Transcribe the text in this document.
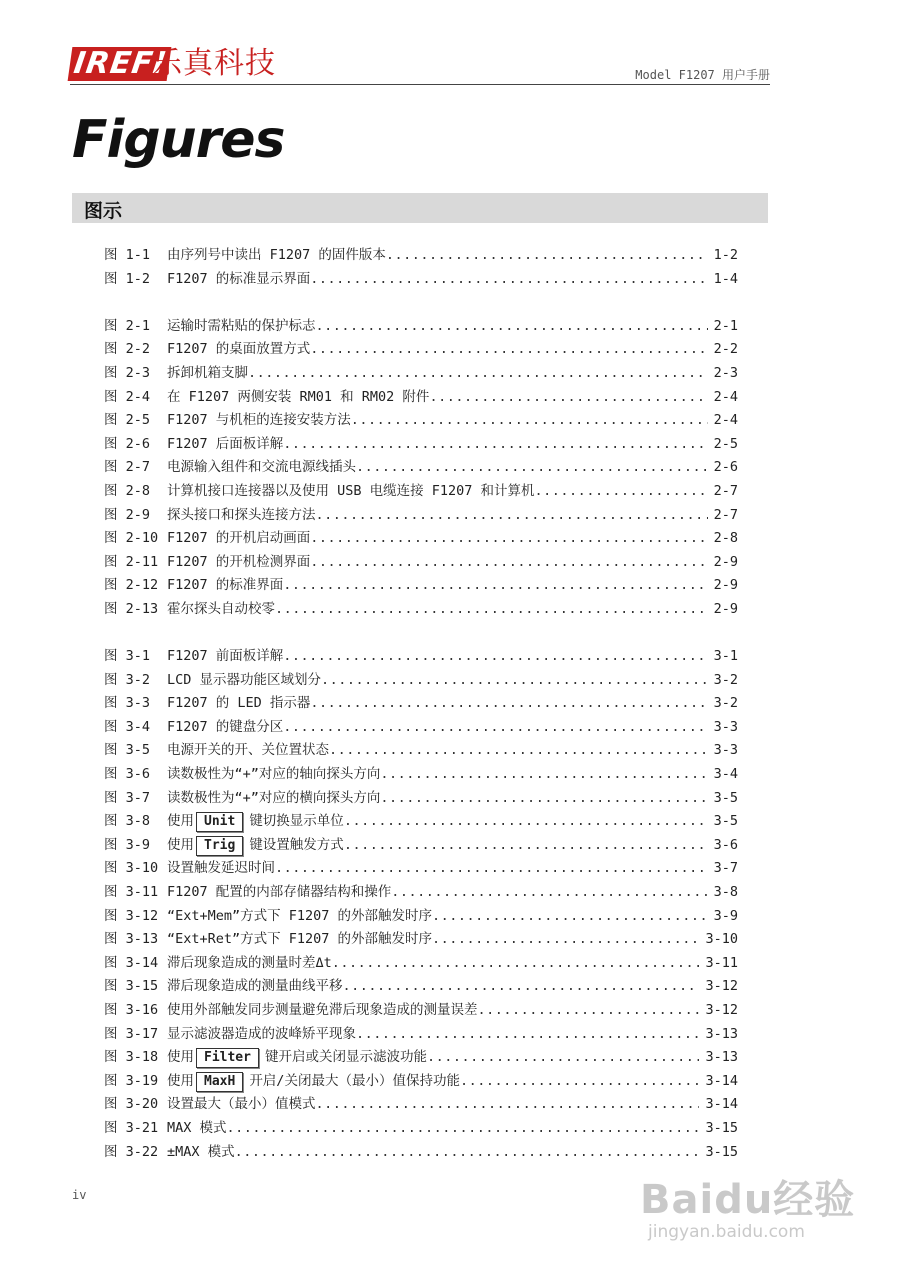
IREFI
乐真科技	Model F1207 用户手册
Figures
图示
图 1-1	由序列号中读出 F1207 的固件版本 .....	1-2
图 1-2	F1207 的标准显示界面 .....	1-4
图 2-1	运输时需粘贴的保护标志 .....	2-1
图 2-2	F1207 的桌面放置方式 .....	2-2
图 2-3	拆卸机箱支脚 .....	2-3
图 2-4	在 F1207 两侧安装 RM01 和 RM02 附件 .....	2-4
图 2-5	F1207 与机柜的连接安装方法 .....	2-4
图 2-6	F1207 后面板详解 .....	2-5
图 2-7	电源输入组件和交流电源线插头 .....	2-6
图 2-8	计算机接口连接器以及使用 USB 电缆连接 F1207 和计算机 .....	2-7
图 2-9	探头接口和探头连接方法 .....	2-7
图 2-10 F1207 的开机启动画面 .....	2-8
图 2-11 F1207 的开机检测界面 .....	2-9
图 2-12 F1207 的标准界面 .....	2-9
图 2-13 霍尔探头自动校零 .....	2-9
图 3-1	F1207 前面板详解 .....	3-1
图 3-2	LCD 显示器功能区域划分 .....	3-2
图 3-3	F1207 的 LED 指示器 .....	3-2
图 3-4	F1207 的键盘分区 .....	3-3
图 3-5	电源开关的开、关位置状态 .....	3-3
图 3-6	读数极性为“+”对应的轴向探头方向 .....	3-4
图 3-7	读数极性为“+”对应的横向探头方向 .....	3-5
图 3-8	使用 Unit 键切换显示单位 .....	3-5
图 3-9	使用 Trig 键设置触发方式 .....	3-6
图 3-10 设置触发延迟时间 .....	3-7
图 3-11 F1207 配置的内部存储器结构和操作 .....	3-8
图 3-12 “Ext+Mem”方式下 F1207 的外部触发时序 .....	3-9
图 3-13 “Ext+Ret”方式下 F1207 的外部触发时序 .....	3-10
图 3-14 滞后现象造成的测量时差Δt .....	3-11
图 3-15 滞后现象造成的测量曲线平移 .....	3-12
图 3-16 使用外部触发同步测量避免滞后现象造成的测量误差 .....	3-12
图 3-17 显示滤波器造成的波峰矫平现象 .....	3-13
图 3-18 使用 Filter 键开启或关闭显示滤波功能 .....	3-13
图 3-19 使用 MaxH 开启/关闭最大（最小）值保持功能 .....	3-14
图 3-20 设置最大（最小）值模式 .....	3-14
图 3-21 MAX 模式 .....	3-15
图 3-22 ±MAX 模式 .....	3-15
iv	Baidu经验
jingyan.baidu.com
